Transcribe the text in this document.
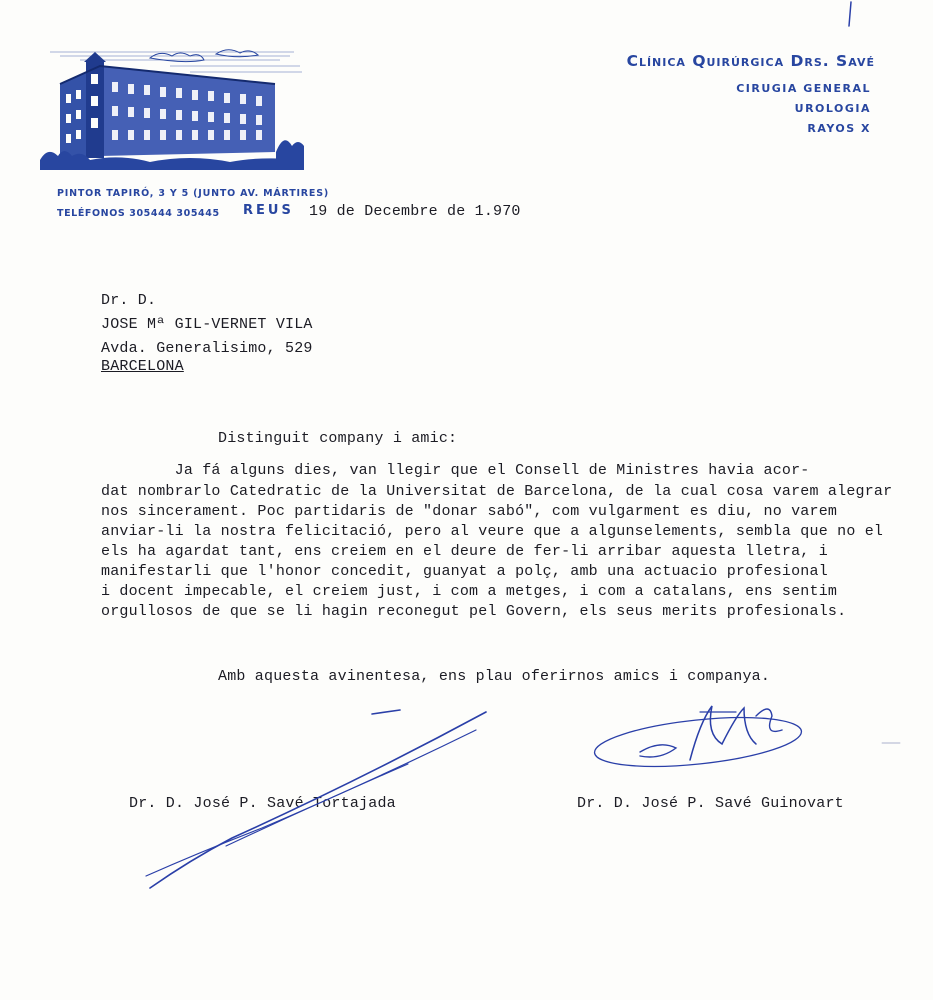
Clínica Quirúrgica Drs. Savé
CIRUGIA GENERAL
UROLOGIA
RAYOS X
PINTOR TAPIRÓ, 3 Y 5 (JUNTO AV. MÁRTIRES)
TELÉFONOS 305444 305445 REUS 19 de Decembre de 1.970
Dr. D.
JOSE Mª GIL-VERNET VILA
Avda. Generalisimo, 529
BARCELONA
Distinguit company i amic:
Ja fá alguns dies, van llegir que el Consell de Ministres havia acor-
dat nombrarlo Catedratic de la Universitat de Barcelona, de la cual cosa varem alegrar
nos sincerament. Poc partidaris de "donar sabó", com vulgarment es diu, no varem
anviar-li la nostra felicitació, pero al veure que a algunselements, sembla que no el
els ha agardat tant, ens creiem en el deure de fer-li arribar aquesta lletra, i
manifestarli que l'honor concedit, guanyat a polç, amb una actuacio profesional
i docent impecable, el creiem just, i com a metges, i com a catalans, ens sentim
orgullosos de que se li hagin reconegut pel Govern, els seus merits profesionals.
Amb aquesta avinentesa, ens plau oferirnos amics i companya.
Dr. D. José P. Savé Tortajada	Dr. D. José P. Savé Guinovart
